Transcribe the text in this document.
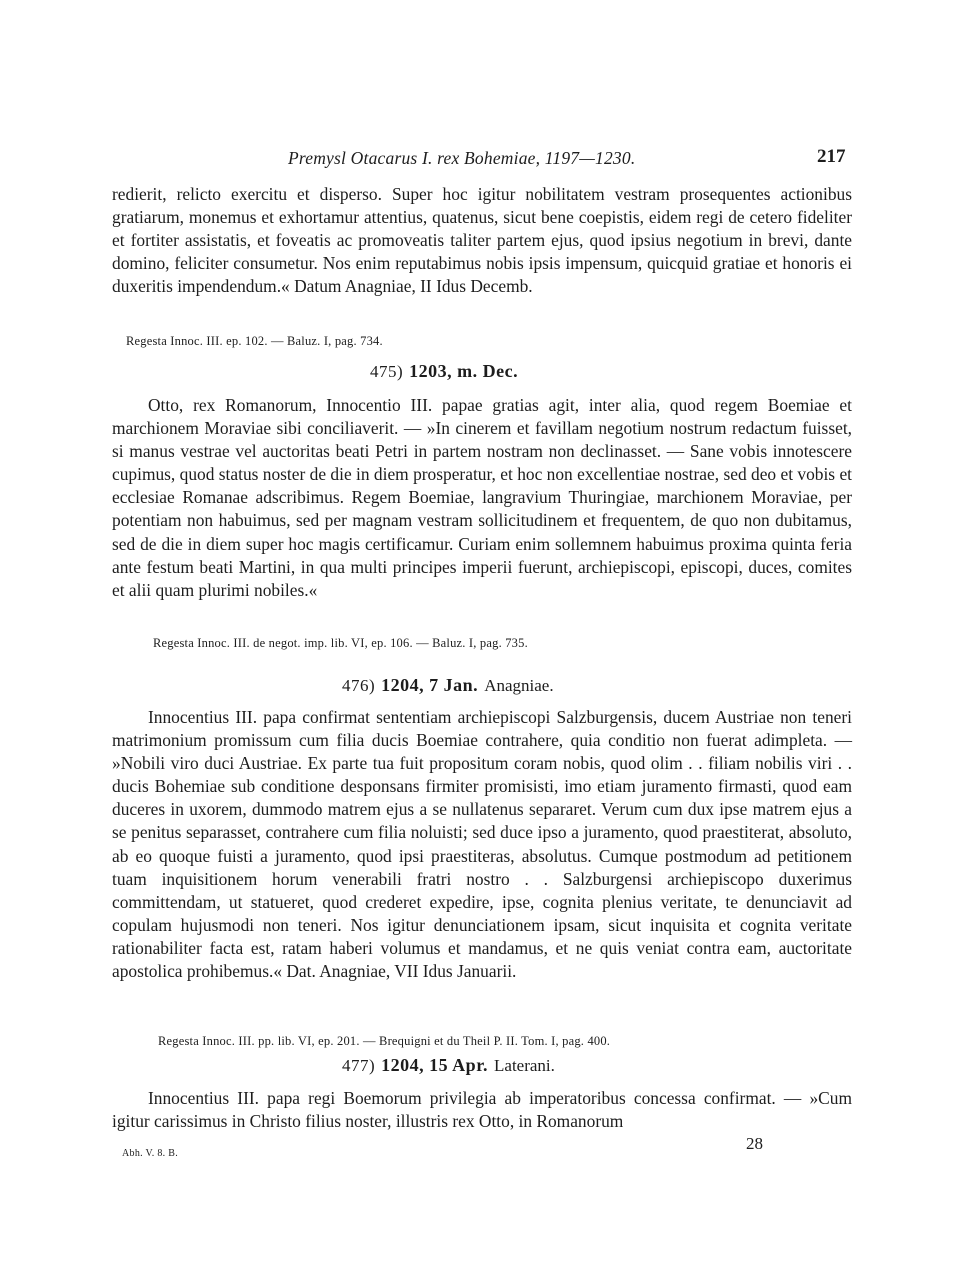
Premysl Otacarus I. rex Bohemiae, 1197—1230.	217

redierit, relicto exercitu et disperso. Super hoc igitur nobilitatem vestram prosequentes actionibus gratiarum, monemus et exhortamur attentius, quatenus, sicut bene coepistis, eidem regi de cetero fideliter et fortiter assistatis, et foveatis ac promoveatis taliter partem ejus, quod ipsius negotium in brevi, dante domino, feliciter consumetur. Nos enim reputabimus nobis ipsis impensum, quicquid gratiae et honoris ei duxeritis impendendum.« Datum Anagniae, II Idus Decemb.

Regesta Innoc. III. ep. 102. — Baluz. I, pag. 734.
475) 1203, m. Dec.

Otto, rex Romanorum, Innocentio III. papae gratias agit, inter alia, quod regem Boemiae et marchionem Moraviae sibi conciliaverit. — »In cinerem et favillam negotium nostrum redactum fuisset, si manus vestrae vel auctoritas beati Petri in partem nostram non declinasset. — Sane vobis innotescere cupimus, quod status noster de die in diem prosperatur, et hoc non excellentiae nostrae, sed deo et vobis et ecclesiae Romanae adscribimus. Regem Boemiae, langravium Thuringiae, marchionem Moraviae, per potentiam non habuimus, sed per magnam vestram sollicitudinem et frequentem, de quo non dubitamus, sed de die in diem super hoc magis certificamur. Curiam enim sollemnem habuimus proxima quinta feria ante festum beati Martini, in qua multi principes imperii fuerunt, archiepiscopi, episcopi, duces, comites et alii quam plurimi nobiles.«

Regesta Innoc. III. de negot. imp. lib. VI, ep. 106. — Baluz. I, pag. 735.
476) 1204, 7 Jan. Anagniae.

Innocentius III. papa confirmat sententiam archiepiscopi Salzburgensis, ducem Austriae non teneri matrimonium promissum cum filia ducis Boemiae contrahere, quia conditio non fuerat adimpleta. — »Nobili viro duci Austriae. Ex parte tua fuit propositum coram nobis, quod olim . . filiam nobilis viri . . ducis Bohemiae sub conditione desponsans firmiter promisisti, imo etiam juramento firmasti, quod eam duceres in uxorem, dummodo matrem ejus a se nullatenus separaret. Verum cum dux ipse matrem ejus a se penitus separasset, contrahere cum filia noluisti; sed duce ipso a juramento, quod praestiterat, absoluto, ab eo quoque fuisti a juramento, quod ipsi praestiteras, absolutus. Cumque postmodum ad petitionem tuam inquisitionem horum venerabili fratri nostro . . Salzburgensi archiepiscopo duxerimus committendam, ut statueret, quod crederet expedire, ipse, cognita plenius veritate, te denunciavit ad copulam hujusmodi non teneri. Nos igitur denunciationem ipsam, sicut inquisita et cognita veritate rationabiliter facta est, ratam haberi volumus et mandamus, et ne quis veniat contra eam, auctoritate apostolica prohibemus.« Dat. Anagniae, VII Idus Januarii.

Regesta Innoc. III. pp. lib. VI, ep. 201. — Brequigni et du Theil P. II. Tom. I, pag. 400.
477) 1204, 15 Apr. Laterani.

Innocentius III. papa regi Boemorum privilegia ab imperatoribus concessa confirmat. — »Cum igitur carissimus in Christo filius noster, illustris rex Otto, in Romanorum

Abh. V. 8. B.
28
